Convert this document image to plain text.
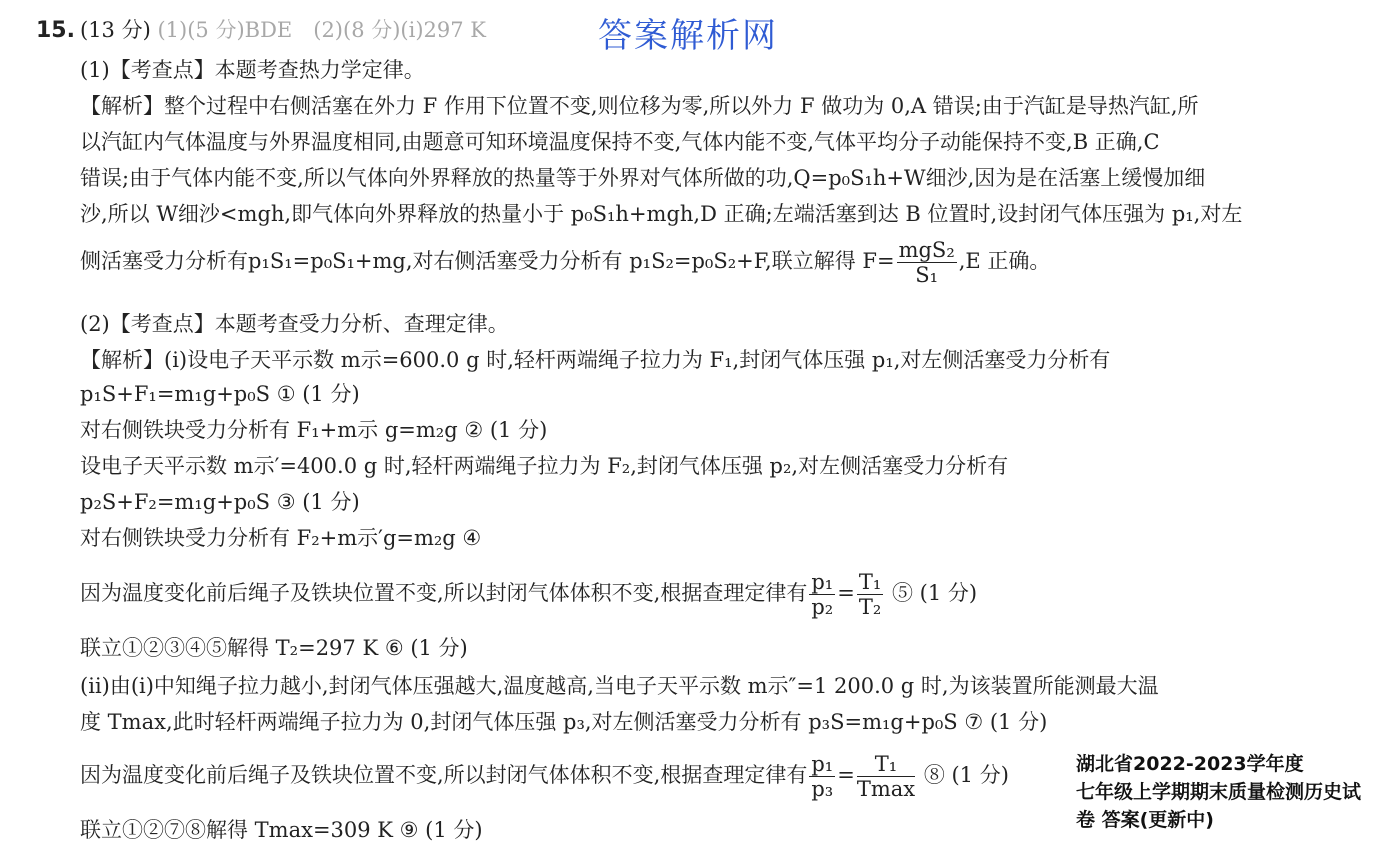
15. (13 分) (1)(5 分)BDE　(2)(8 分)(ⅰ)297 K	答案解析网
(1)【考查点】本题考查热力学定律。
【解析】整个过程中右侧活塞在外力 F 作用下位置不变,则位移为零,所以外力 F 做功为 0,A 错误;由于汽缸是导热汽缸,所
以汽缸内气体温度与外界温度相同,由题意可知环境温度保持不变,气体内能不变,气体平均分子动能保持不变,B 正确,C
错误;由于气体内能不变,所以气体向外界释放的热量等于外界对气体所做的功,Q=p₀S₁h+W细沙,因为是在活塞上缓慢加细
沙,所以 W细沙<mgh,即气体向外界释放的热量小于 p₀S₁h+mgh,D 正确;左端活塞到达 B 位置时,设封闭气体压强为 p₁,对左
侧活塞受力分析有p₁S₁=p₀S₁+mg,对右侧活塞受力分析有 p₁S₂=p₀S₂+F,联立解得 $F= \frac{\text{mgS₂}}{\text{S₁}} ,E$ 正确。
(2)【考查点】本题考查受力分析、查理定律。
【解析】(ⅰ)设电子天平示数 m示=600.0 g 时,轻杆两端绳子拉力为 F₁,封闭气体压强 p₁,对左侧活塞受力分析有
p₁S+F₁=m₁g+p₀S ① (1 分)
对右侧铁块受力分析有 F₁+m示 g=m₂g ② (1 分)
设电子天平示数 m示′=400.0 g 时,轻杆两端绳子拉力为 F₂,封闭气体压强 p₂,对左侧活塞受力分析有
p₂S+F₂=m₁g+p₀S ③ (1 分)
对右侧铁块受力分析有 F₂+m示′g=m₂g ④
因为温度变化前后绳子及铁块位置不变,所以封闭气体体积不变,根据查理定律有 $\frac{\text{p₁}}{\text{p₂}} = \frac{\text{T₁}}{\text{T₂}}$ ⑤ (1 分)
联立①②③④⑤解得 T₂=297 K ⑥ (1 分)
(ⅱ)由(ⅰ)中知绳子拉力越小,封闭气体压强越大,温度越高,当电子天平示数 m示″=1 200.0 g 时,为该装置所能测最大温
度 Tmax,此时轻杆两端绳子拉力为 0,封闭气体压强 p₃,对左侧活塞受力分析有 p₃S=m₁g+p₀S ⑦ (1 分)
因为温度变化前后绳子及铁块位置不变,所以封闭气体体积不变,根据查理定律有 $\frac{\text{p₁}}{\text{p₃}} = \frac{\text{T₁}}{Tmax}$ ⑧ (1 分)
联立①②⑦⑧解得 Tmax=309 K ⑨ (1 分)
湖北省2022-2023学年度
七年级上学期期末质量检测历史试
卷 答案(更新中)
